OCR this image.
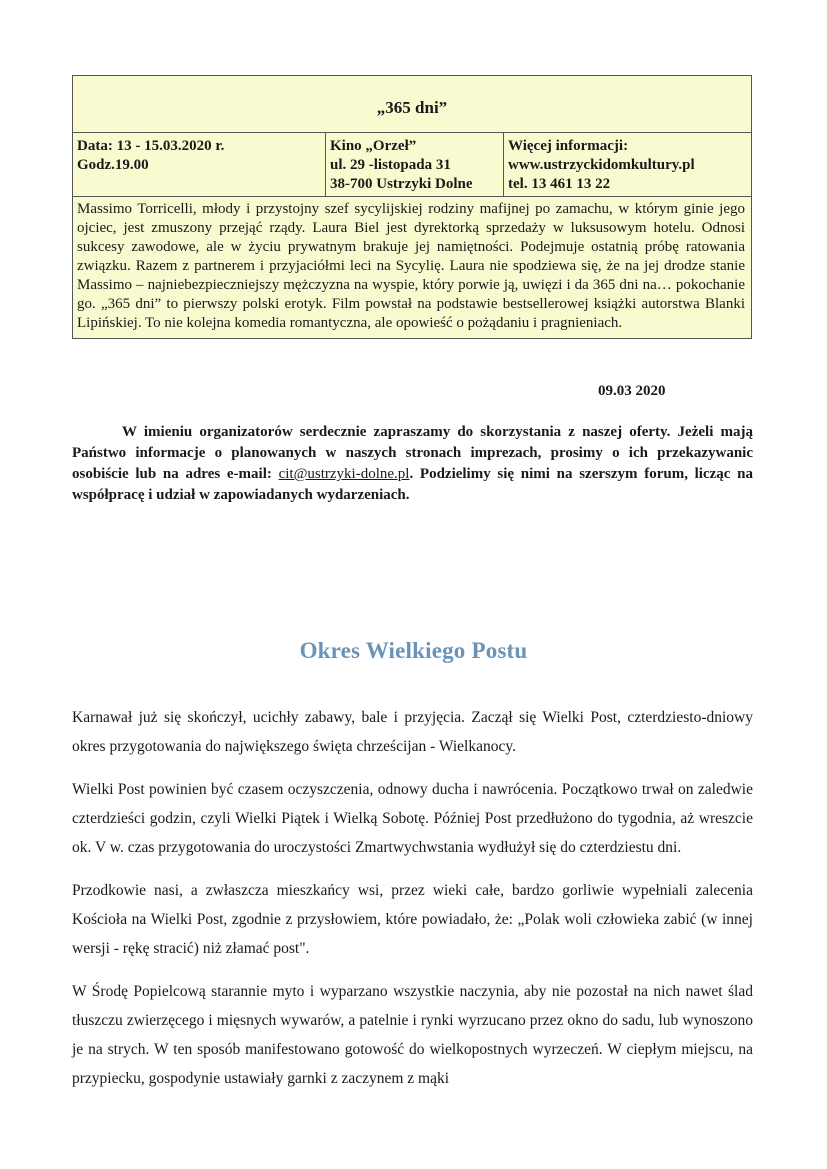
„365 dni”
Data: 13 - 15.03.2020 r.
Godz.19.00
Kino „Orzeł”
ul. 29 -listopada 31
38-700 Ustrzyki Dolne
Więcej informacji:
www.ustrzyckidomkultury.pl
tel. 13 461 13 22
Massimo Torricelli, młody i przystojny szef sycylijskiej rodziny mafijnej po zamachu, w którym ginie jego ojciec, jest zmuszony przejąć rządy. Laura Biel jest dyrektorką sprzedaży w luksusowym hotelu. Odnosi sukcesy zawodowe, ale w życiu prywatnym brakuje jej namiętności. Podejmuje ostatnią próbę ratowania związku. Razem z partnerem i przyjaciółmi leci na Sycylię. Laura nie spodziewa się, że na jej drodze stanie Massimo – najniebezpieczniejszy mężczyzna na wyspie, który porwie ją, uwięzi i da 365 dni na… pokochanie go. „365 dni” to pierwszy polski erotyk. Film powstał na podstawie bestsellerowej książki autorstwa Blanki Lipińskiej. To nie kolejna komedia romantyczna, ale opowieść o pożądaniu i pragnieniach.
09.03 2020
W imieniu organizatorów serdecznie zapraszamy do skorzystania z naszej oferty. Jeżeli mają Państwo informacje o planowanych w naszych stronach imprezach, prosimy o ich przekazywanic osobiście lub na adres e-mail: cit@ustrzyki-dolne.pl. Podzielimy się nimi na szerszym forum, licząc na współpracę i udział w zapowiadanych wydarzeniach.
Okres Wielkiego Postu

Karnawał już się skończył, ucichły zabawy, bale i przyjęcia. Zaczął się Wielki Post, czterdziesto-dniowy okres przygotowania do największego święta chrześcijan - Wielkanocy.

Wielki Post powinien być czasem oczyszczenia, odnowy ducha i nawrócenia. Początkowo trwał on zaledwie czterdzieści godzin, czyli Wielki Piątek i Wielką Sobotę. Później Post przedłużono do tygodnia, aż wreszcie ok. V w. czas przygotowania do uroczystości Zmartwychwstania wydłużył się do czterdziestu dni.

Przodkowie nasi, a zwłaszcza mieszkańcy wsi, przez wieki całe, bardzo gorliwie wypełniali zalecenia Kościoła na Wielki Post, zgodnie z przysłowiem, które powiadało, że: „Polak woli człowieka zabić (w innej wersji - rękę stracić) niż złamać post".

W Środę Popielcową starannie myto i wyparzano wszystkie naczynia, aby nie pozostał na nich nawet ślad tłuszczu zwierzęcego i mięsnych wywarów, a patelnie i rynki wyrzucano przez okno do sadu, lub wynoszono je na strych. W ten sposób manifestowano gotowość do wielkopostnych wyrzeczeń. W ciepłym miejscu, na przypiecku, gospodynie ustawiały garnki z zaczynem z mąki
